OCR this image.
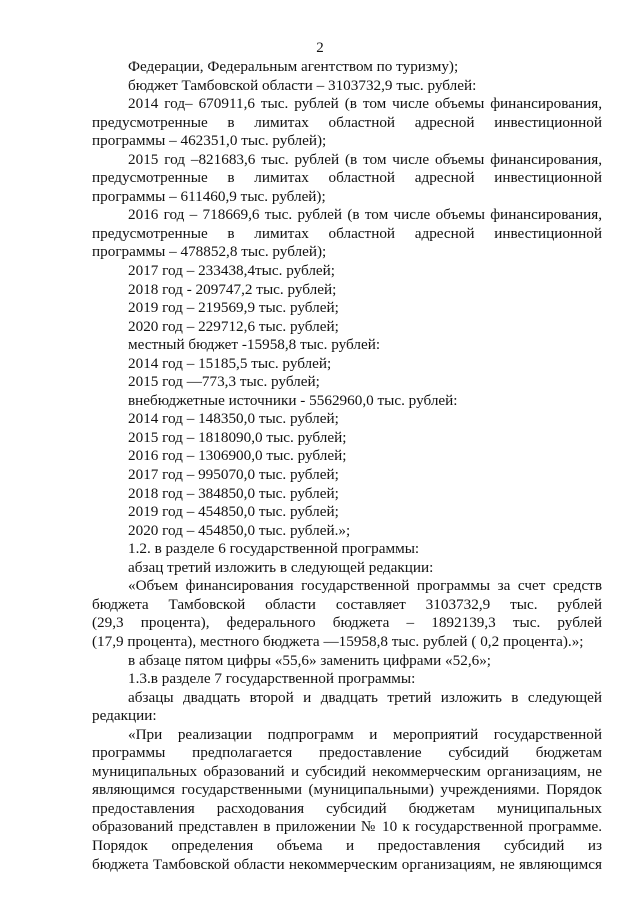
2
Федерации, Федеральным агентством по туризму);
бюджет Тамбовской области – 3103732,9 тыс. рублей:
2014 год– 670911,6 тыс. рублей (в том числе объемы финансирования,
предусмотренные в лимитах областной адресной инвестиционной
программы – 462351,0 тыс. рублей);
2015 год –821683,6 тыс. рублей (в том числе объемы финансирования,
предусмотренные в лимитах областной адресной инвестиционной
программы – 611460,9 тыс. рублей);
2016 год – 718669,6 тыс. рублей (в том числе объемы финансирования,
предусмотренные в лимитах областной адресной инвестиционной
программы – 478852,8 тыс. рублей);
2017 год – 233438,4тыс. рублей;
2018 год - 209747,2 тыс. рублей;
2019 год – 219569,9 тыс. рублей;
2020 год – 229712,6 тыс. рублей;
местный бюджет -15958,8 тыс. рублей:
2014 год – 15185,5 тыс. рублей;
2015 год —773,3 тыс. рублей;
внебюджетные источники - 5562960,0 тыс. рублей:
2014 год – 148350,0 тыс. рублей;
2015 год – 1818090,0 тыс. рублей;
2016 год – 1306900,0 тыс. рублей;
2017 год – 995070,0 тыс. рублей;
2018 год – 384850,0 тыс. рублей;
2019 год – 454850,0 тыс. рублей;
2020 год – 454850,0 тыс. рублей.»;
1.2. в разделе 6 государственной программы:
абзац третий изложить в следующей редакции:
«Объем финансирования государственной программы за счет средств
бюджета Тамбовской области составляет 3103732,9 тыс. рублей
(29,3 процента), федерального бюджета – 1892139,3 тыс. рублей
(17,9 процента), местного бюджета —15958,8 тыс. рублей ( 0,2 процента).»;
в абзаце пятом цифры «55,6» заменить цифрами «52,6»;
1.3.в разделе 7 государственной программы:
абзацы двадцать второй и двадцать третий изложить в следующей
редакции:
«При реализации подпрограмм и мероприятий государственной
программы предполагается предоставление субсидий бюджетам
муниципальных образований и субсидий некоммерческим организациям, не
являющимся государственными (муниципальными) учреждениями. Порядок
предоставления расходования субсидий бюджетам муниципальных
образований представлен в приложении № 10 к государственной программе.
Порядок определения объема и предоставления субсидий из
бюджета Тамбовской области некоммерческим организациям, не являющимся
